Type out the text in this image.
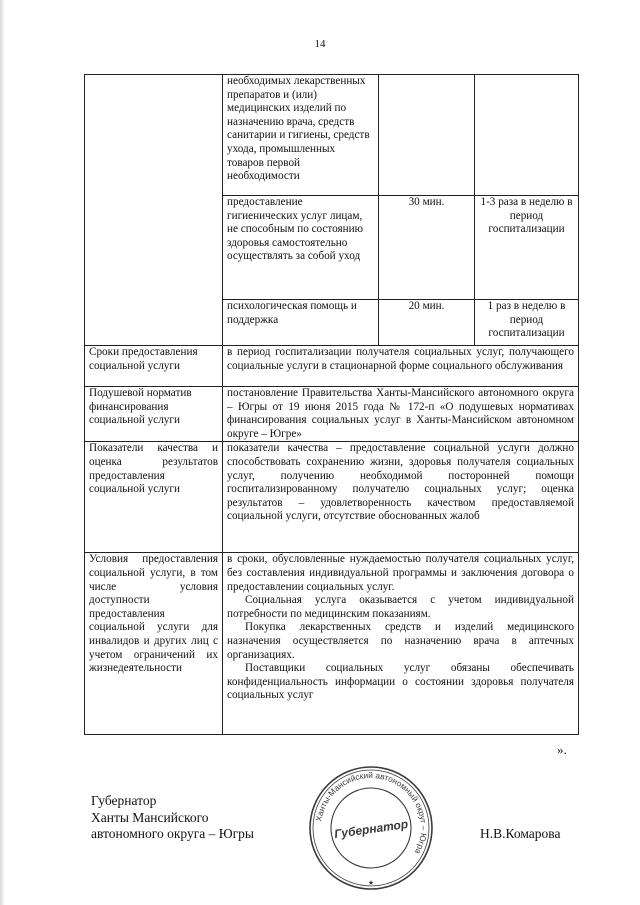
14
	необходимых лекарственных препаратов и (или) медицинских изделий по назначению врача, средств санитарии и гигиены, средств ухода, промышленных товаров первой необходимости		
	предоставление гигиенических услуг лицам, не способным по состоянию здоровья самостоятельно осуществлять за собой уход	30 мин.	1-3 раза в неделю в период госпитализации
	психологическая помощь и поддержка	20 мин.	1 раз в неделю в период госпитализации
Сроки предоставления социальной услуги	в период госпитализации получателя социальных услуг, получающего социальные услуги в стационарной форме социального обслуживания		
Подушевой норматив финансирования социальной услуги	постановление Правительства Ханты-Мансийского автономного округа – Югры от 19 июня 2015 года № 172-п «О подушевых нормативах финансирования социальных услуг в Ханты-Мансийском автономном округе – Югре»		
Показатели качества и оценка результатов предоставления социальной услуги	показатели качества – предоставление социальной услуги должно способствовать сохранению жизни, здоровья получателя социальных услуг, получению необходимой посторонней помощи госпитализированному получателю социальных услуг; оценка результатов – удовлетворенность качеством предоставляемой социальной услуги, отсутствие обоснованных жалоб		
Условия предоставления социальной услуги, в том числе условия доступности предоставления социальной услуги для инвалидов и других лиц с учетом ограничений их жизнедеятельности	в сроки, обусловленные нуждаемостью получателя социальных услуг, без составления индивидуальной программы и заключения договора о предоставлении социальных услуг.
Социальная услуга оказывается с учетом индивидуальной потребности по медицинским показаниям.
Покупка лекарственных средств и изделий медицинского назначения осуществляется по назначению врача в аптечных организациях.
Поставщики социальных услуг обязаны обеспечивать конфиденциальность информации о состоянии здоровья получателя социальных услуг		
».
Губернатор
Ханты Мансийского
автономного округа – Югры	Н.В.Комарова
Ханты-Мансийский автономный округ – Югра
Губернатор
★
